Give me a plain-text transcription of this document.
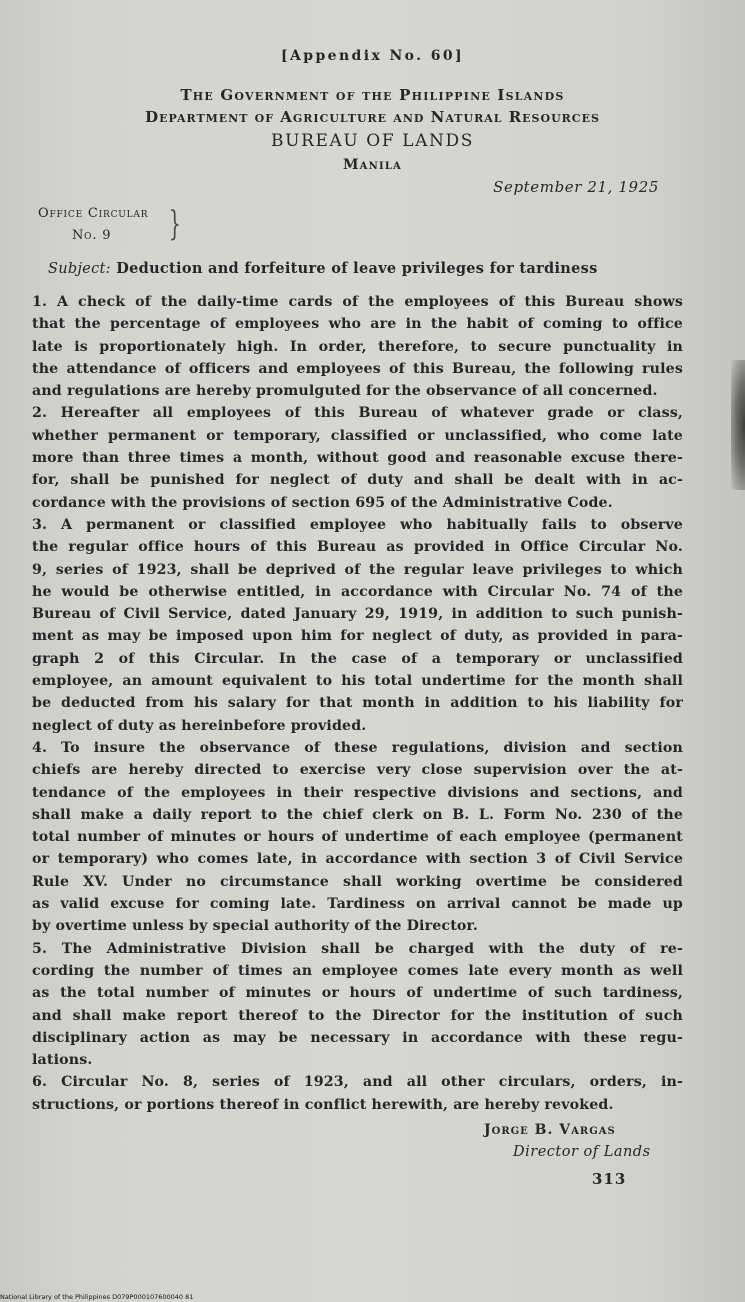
[Appendix No. 60]
The Government of the Philippine Islands
Department of Agriculture and Natural Resources
BUREAU OF LANDS
Manila
September 21, 1925
Office Circular
No. 9	}
Subject: Deduction and forfeiture of leave privileges for tardiness
1. A check of the daily-time cards of the employees of this Bureau shows
that the percentage of employees who are in the habit of coming to office
late is proportionately high. In order, therefore, to secure punctuality in
the attendance of officers and employees of this Bureau, the following rules
and regulations are hereby promulguted for the observance of all concerned.
2. Hereafter all employees of this Bureau of whatever grade or class,
whether permanent or temporary, classified or unclassified, who come late
more than three times a month, without good and reasonable excuse there-
for, shall be punished for neglect of duty and shall be dealt with in ac-
cordance with the provisions of section 695 of the Administrative Code.
3. A permanent or classified employee who habitually fails to observe
the regular office hours of this Bureau as provided in Office Circular No.
9, series of 1923, shall be deprived of the regular leave privileges to which
he would be otherwise entitled, in accordance with Circular No. 74 of the
Bureau of Civil Service, dated January 29, 1919, in addition to such punish-
ment as may be imposed upon him for neglect of duty, as provided in para-
graph 2 of this Circular. In the case of a temporary or unclassified
employee, an amount equivalent to his total undertime for the month shall
be deducted from his salary for that month in addition to his liability for
neglect of duty as hereinbefore provided.
4. To insure the observance of these regulations, division and section
chiefs are hereby directed to exercise very close supervision over the at-
tendance of the employees in their respective divisions and sections, and
shall make a daily report to the chief clerk on B. L. Form No. 230 of the
total number of minutes or hours of undertime of each employee (permanent
or temporary) who comes late, in accordance with section 3 of Civil Service
Rule XV. Under no circumstance shall working overtime be considered
as valid excuse for coming late. Tardiness on arrival cannot be made up
by overtime unless by special authority of the Director.
5. The Administrative Division shall be charged with the duty of re-
cording the number of times an employee comes late every month as well
as the total number of minutes or hours of undertime of such tardiness,
and shall make report thereof to the Director for the institution of such
disciplinary action as may be necessary in accordance with these regu-
lations.
6. Circular No. 8, series of 1923, and all other circulars, orders, in-
structions, or portions thereof in conflict herewith, are hereby revoked.
Jorge B. Vargas
Director of Lands
313
National Library of the Philippines D079P000107600040 81
